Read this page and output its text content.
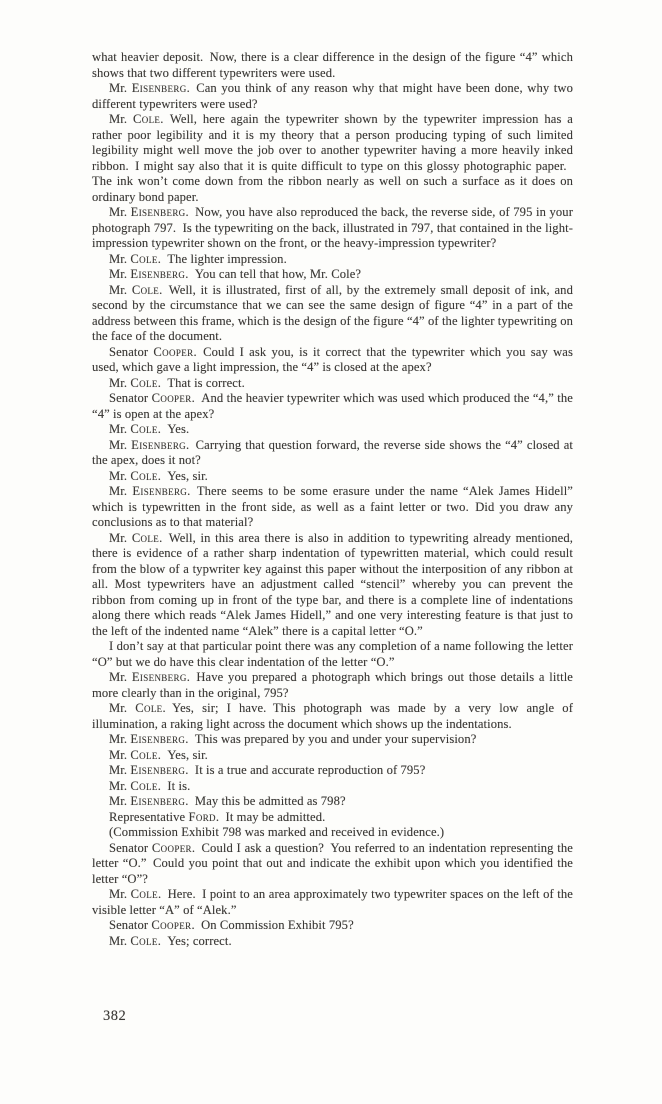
what heavier deposit. Now, there is a clear difference in the design of the figure “4” which shows that two different typewriters were used.

Mr. Eisenberg. Can you think of any reason why that might have been done, why two different typewriters were used?

Mr. Cole. Well, here again the typewriter shown by the typewriter impression has a rather poor legibility and it is my theory that a person producing typing of such limited legibility might well move the job over to another typewriter having a more heavily inked ribbon. I might say also that it is quite difficult to type on this glossy photographic paper. The ink won’t come down from the ribbon nearly as well on such a surface as it does on ordinary bond paper.

Mr. Eisenberg. Now, you have also reproduced the back, the reverse side, of 795 in your photograph 797. Is the typewriting on the back, illustrated in 797, that contained in the light-impression typewriter shown on the front, or the heavy-impression typewriter?

Mr. Cole. The lighter impression.

Mr. Eisenberg. You can tell that how, Mr. Cole?

Mr. Cole. Well, it is illustrated, first of all, by the extremely small deposit of ink, and second by the circumstance that we can see the same design of figure “4” in a part of the address between this frame, which is the design of the figure “4” of the lighter typewriting on the face of the document.

Senator Cooper. Could I ask you, is it correct that the typewriter which you say was used, which gave a light impression, the “4” is closed at the apex?

Mr. Cole. That is correct.

Senator Cooper. And the heavier typewriter which was used which produced the “4,” the “4” is open at the apex?

Mr. Cole. Yes.

Mr. Eisenberg. Carrying that question forward, the reverse side shows the “4” closed at the apex, does it not?

Mr. Cole. Yes, sir.

Mr. Eisenberg. There seems to be some erasure under the name “Alek James Hidell” which is typewritten in the front side, as well as a faint letter or two. Did you draw any conclusions as to that material?

Mr. Cole. Well, in this area there is also in addition to typewriting already mentioned, there is evidence of a rather sharp indentation of typewritten material, which could result from the blow of a typwriter key against this paper without the interposition of any ribbon at all. Most typewriters have an adjustment called “stencil” whereby you can prevent the ribbon from coming up in front of the type bar, and there is a complete line of indentations along there which reads “Alek James Hidell,” and one very interesting feature is that just to the left of the indented name “Alek” there is a capital letter “O.”

I don’t say at that particular point there was any completion of a name following the letter “O” but we do have this clear indentation of the letter “O.”

Mr. Eisenberg. Have you prepared a photograph which brings out those details a little more clearly than in the original, 795?

Mr. Cole. Yes, sir; I have. This photograph was made by a very low angle of illumination, a raking light across the document which shows up the indentations.

Mr. Eisenberg. This was prepared by you and under your supervision?

Mr. Cole. Yes, sir.

Mr. Eisenberg. It is a true and accurate reproduction of 795?

Mr. Cole. It is.

Mr. Eisenberg. May this be admitted as 798?

Representative Ford. It may be admitted.

(Commission Exhibit 798 was marked and received in evidence.)

Senator Cooper. Could I ask a question? You referred to an indentation representing the letter “O.” Could you point that out and indicate the exhibit upon which you identified the letter “O”?

Mr. Cole. Here. I point to an area approximately two typewriter spaces on the left of the visible letter “A” of “Alek.”

Senator Cooper. On Commission Exhibit 795?

Mr. Cole. Yes; correct.

382
